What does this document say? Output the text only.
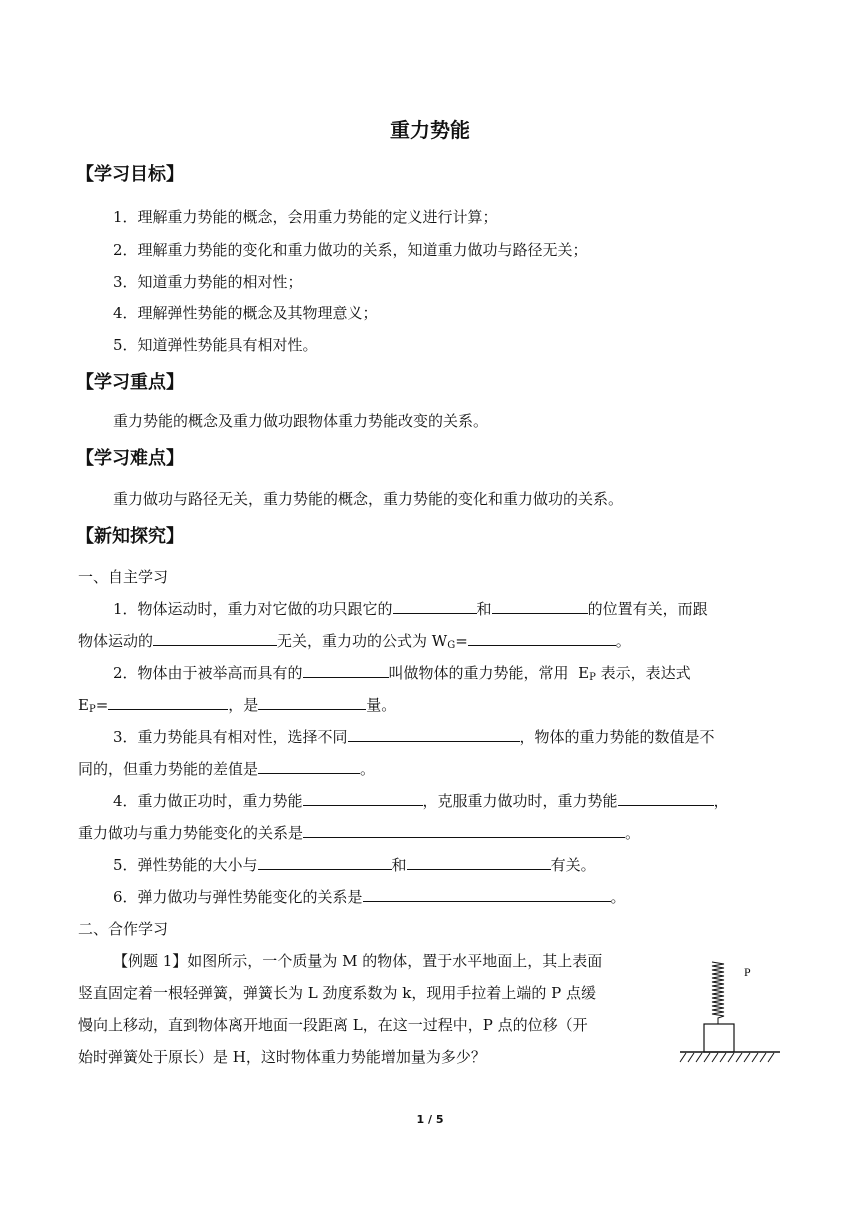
重力势能
【学习目标】
1．理解重力势能的概念，会用重力势能的定义进行计算；
2．理解重力势能的变化和重力做功的关系，知道重力做功与路径无关；
3．知道重力势能的相对性；
4．理解弹性势能的概念及其物理意义；
5．知道弹性势能具有相对性。
【学习重点】
重力势能的概念及重力做功跟物体重力势能改变的关系。
【学习难点】
重力做功与路径无关，重力势能的概念，重力势能的变化和重力做功的关系。
【新知探究】
一、自主学习
1．物体运动时，重力对它做的功只跟它的	和	的位置有关，而跟
物体运动的	无关，重力功的公式为 $W_G=$	。
2．物体由于被举高而具有的	叫做物体的重力势能，常用 $E_P$ 表示，表达式
$E_P=$	，是	量。
3．重力势能具有相对性，选择不同	，物体的重力势能的数值是不
同的，但重力势能的差值是	。
4．重力做正功时，重力势能	，克服重力做功时，重力势能	，
重力做功与重力势能变化的关系是	。
5．弹性势能的大小与	和	有关。
6．弹力做功与弹性势能变化的关系是	。
二、合作学习
【例题 1】如图所示，一个质量为 M 的物体，置于水平地面上，其上表面
竖直固定着一根轻弹簧，弹簧长为 L 劲度系数为 k，现用手拉着上端的 P 点缓
慢向上移动，直到物体离开地面一段距离 L，在这一过程中，P 点的位移（开
始时弹簧处于原长）是 H，这时物体重力势能增加量为多少？
P
1 / 5
